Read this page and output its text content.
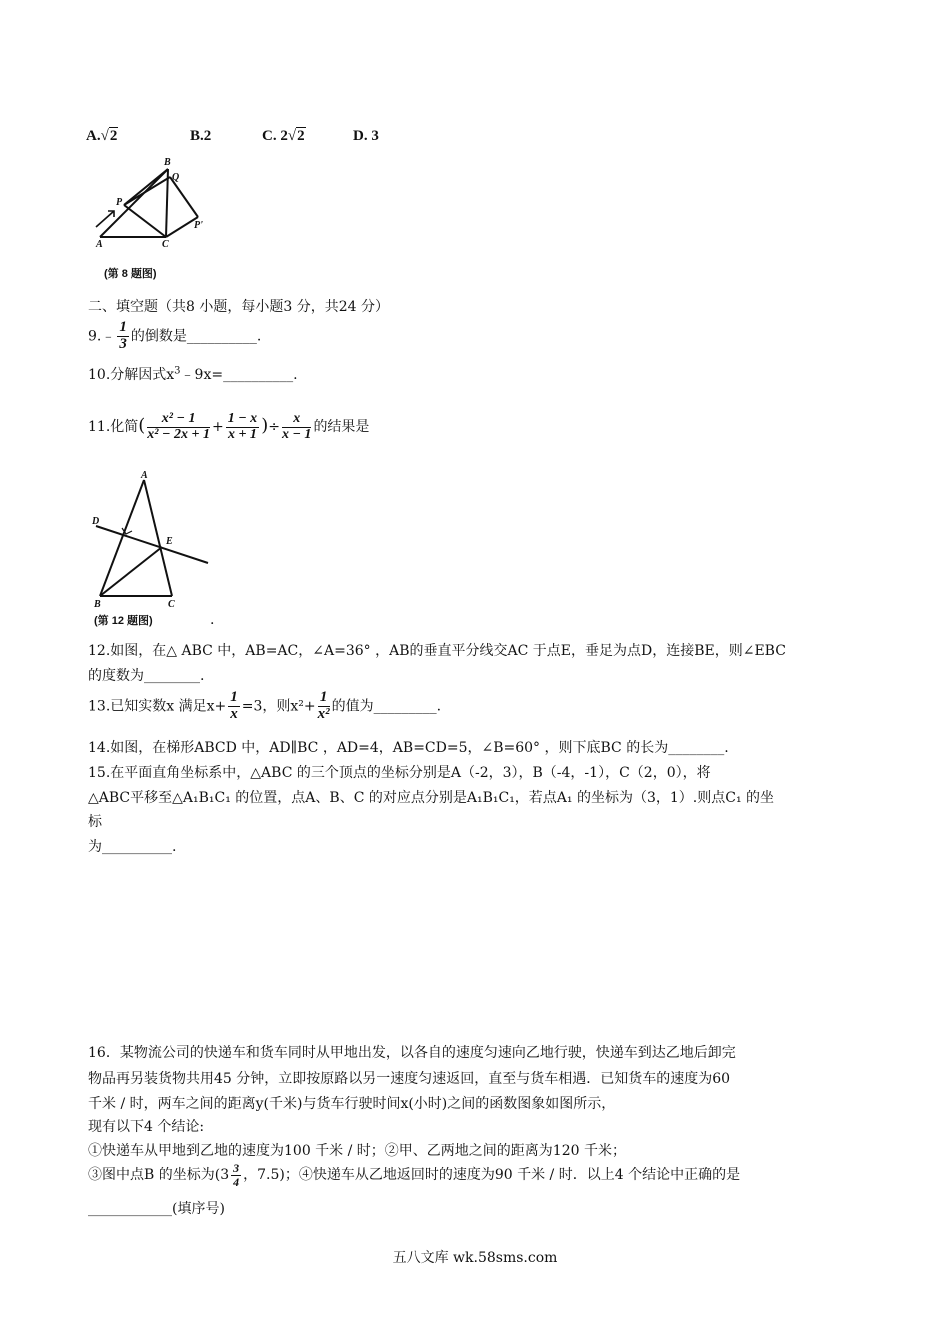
A.√2	B.2	C. 2√2	D. 3
B
Q
P
P'
A	C
(第 8 题图)
二、填空题（共8 小题，每小题3 分，共24 分）
9.﹣ $\frac{1}{3}$ 的倒数是__________.
10.分解因式$x^3﹣9x=\_\_\_\_\_\_\_\_\_\_$.
11.化简( $\frac{\text{x² − 1}}{\text{x² − 2x + 1}} + \frac{1 - x}{x + 1}$ )÷ $\frac{x}{x - 1}$ 的结果是
A
D
E
B	C
(第 12 题图)	.
12.如图，在△ ABC 中，AB=AC，∠A=36° ，AB的垂直平分线交AC 于点E，垂足为点D，连接BE，则∠EBC
的度数为________.
13.已知实数x 满足$x+ \frac{1}{x} =3$，则$x^2+ \frac{1}{\text{x²}}$ 的值为_________.
14.如图，在梯形ABCD 中，AD∥BC ，AD=4，AB=CD=5，∠B=60° ，则下底BC 的长为________.
15.在平面直角坐标系中，△ABC 的三个顶点的坐标分别是A（-2，3），B（-4，-1），C（2，0），将
△ABC平移至△A₁B₁C₁ 的位置，点A、B、C 的对应点分别是A₁B₁C₁，若点A₁ 的坐标为（3，1）.则点C₁ 的坐
标
为__________.
16．某物流公司的快递车和货车同时从甲地出发，以各自的速度匀速向乙地行驶，快递车到达乙地后卸完
物品再另装货物共用45 分钟，立即按原路以另一速度匀速返回，直至与货车相遇．已知货车的速度为60
千米 / 时，两车之间的距离y(千米)与货车行驶时间x(小时)之间的函数图象如图所示，
现有以下4 个结论:
①快递车从甲地到乙地的速度为100 千米 / 时；②甲、乙两地之间的距离为120 千米；
③图中点B 的坐标为($3 \frac{3}{4}$ ，7.5)；④快递车从乙地返回时的速度为90 千米 / 时．以上4 个结论中正确的是
____________(填序号)
五八文库 wk.58sms.com
